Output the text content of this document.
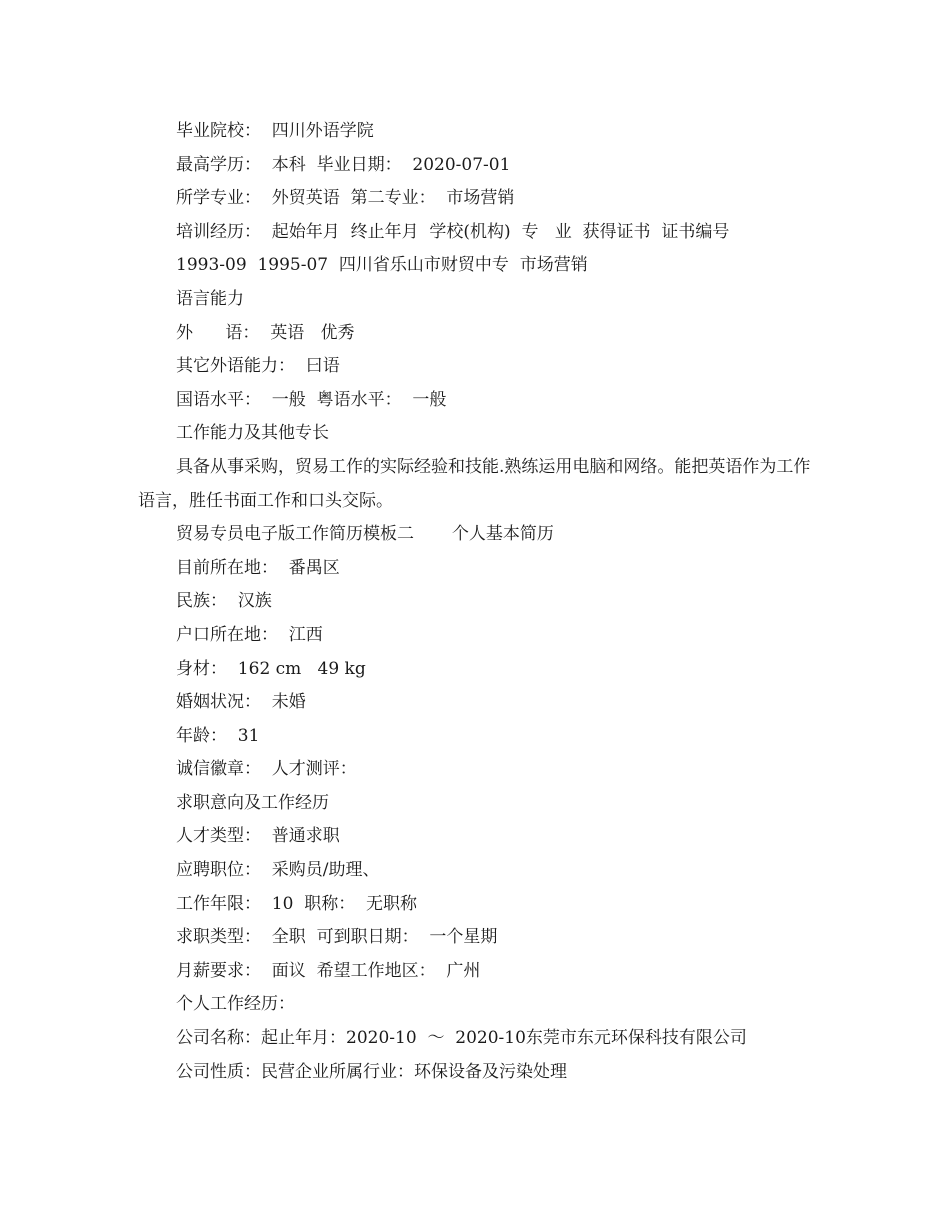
毕业院校：  四川外语学院
最高学历：  本科  毕业日期：  2020-07-01
所学专业：  外贸英语  第二专业：  市场营销
培训经历：  起始年月  终止年月  学校(机构)  专   业  获得证书  证书编号
1993-09  1995-07  四川省乐山市财贸中专  市场营销
语言能力
外      语：  英语   优秀
其它外语能力：  曰语
国语水平：  一般  粤语水平：  一般
工作能力及其他专长
具备从事采购，贸易工作的实际经验和技能.熟练运用电脑和网络。能把英语作为工作语言，胜任书面工作和口头交际。
贸易专员电子版工作简历模板二       个人基本简历
目前所在地：  番禺区
民族：  汉族
户口所在地：  江西
身材：  162 cm   49 kg
婚姻状况：  未婚
年龄：  31
诚信徽章：  人才测评：
求职意向及工作经历
人才类型：  普通求职
应聘职位：  采购员/助理、
工作年限：  10  职称：  无职称
求职类型：  全职  可到职日期：  一个星期
月薪要求：  面议  希望工作地区：  广州
个人工作经历：
公司名称：起止年月：2020-10  ～  2020-10东莞市东元环保科技有限公司
公司性质：民营企业所属行业：环保设备及污染处理
